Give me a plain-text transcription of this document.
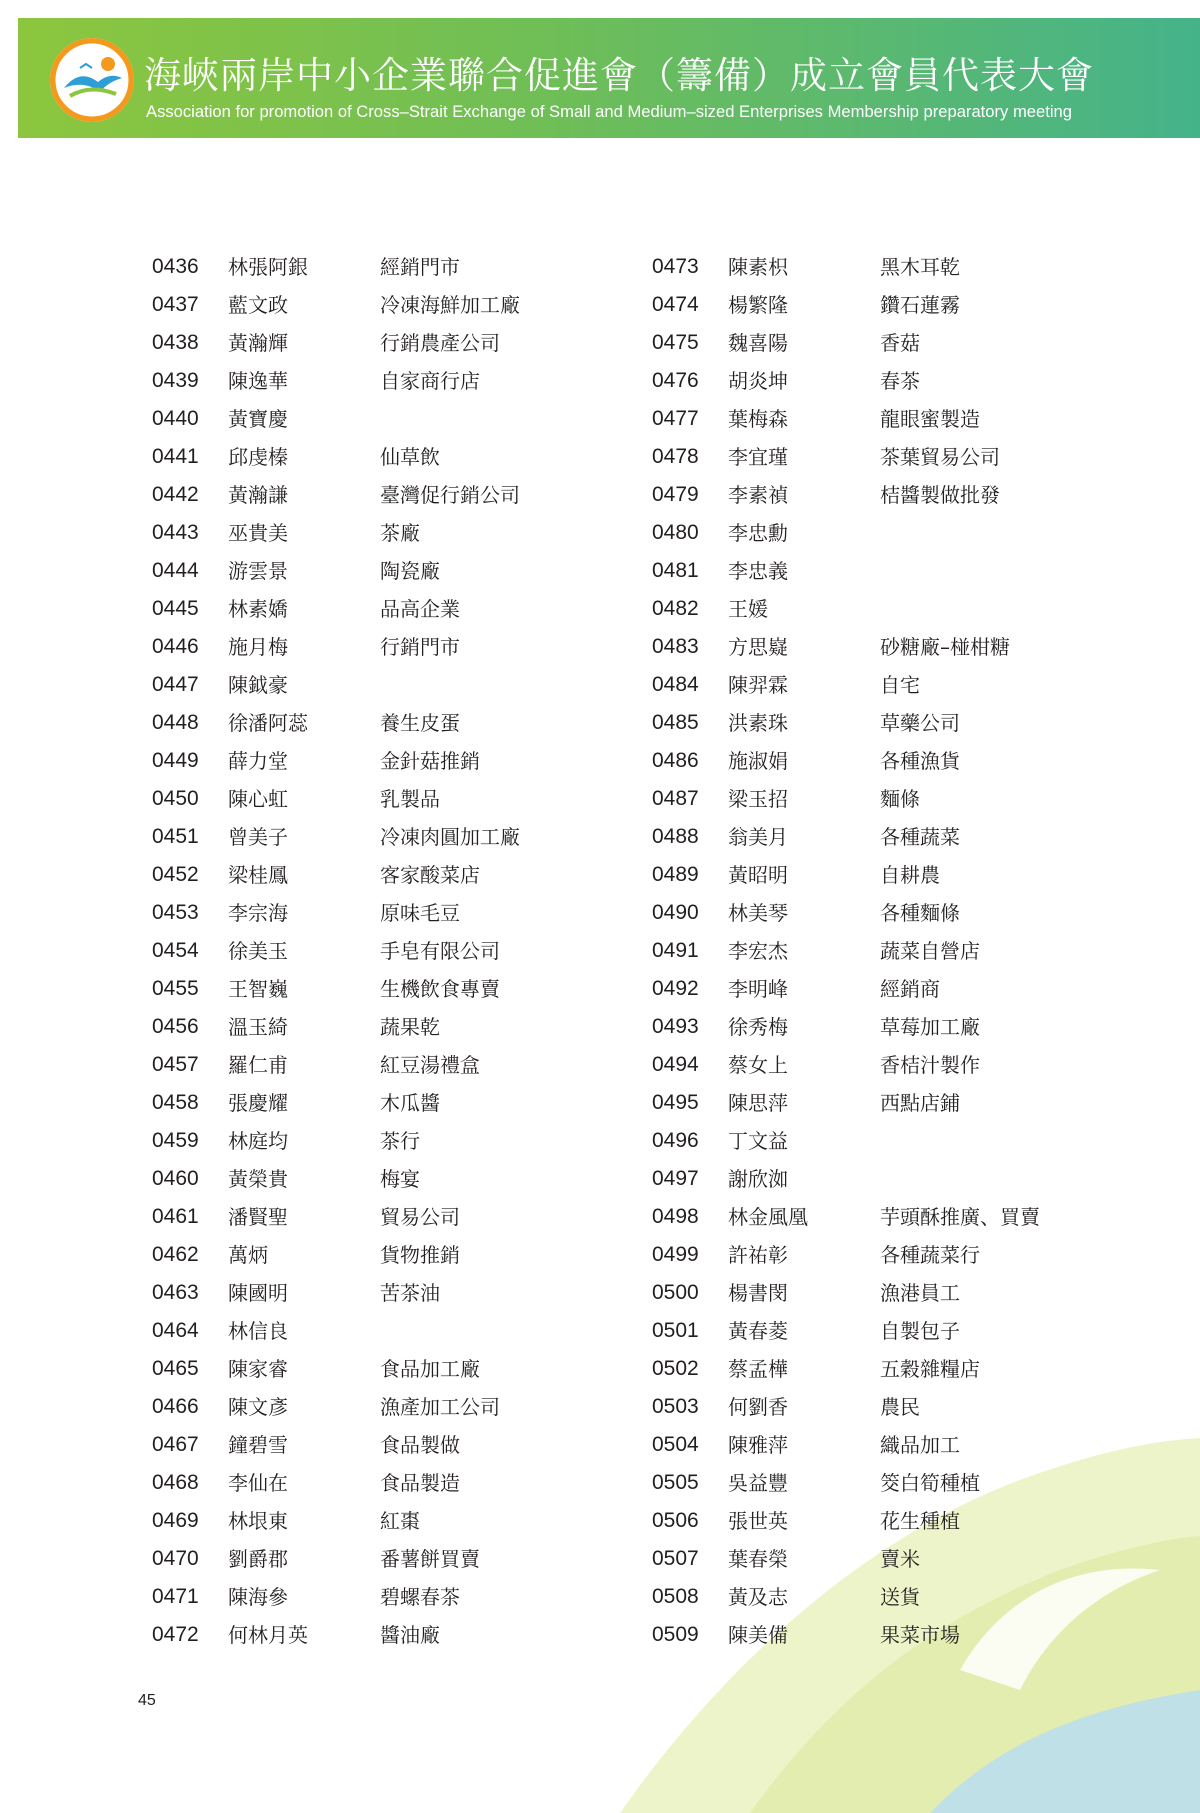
海峽兩岸中小企業聯合促進會（籌備）成立會員代表大會
Association for promotion of Cross–Strait Exchange of Small and Medium–sized Enterprises Membership preparatory meeting
0436 林張阿銀	經銷門市
0437 藍文政	冷凍海鮮加工廠
0438 黃瀚輝	行銷農產公司
0439 陳逸華	自家商行店
0440 黃寶慶
0441 邱虔榛	仙草飲
0442 黃瀚謙	臺灣促行銷公司
0443 巫貴美	茶廠
0444 游雲景	陶瓷廠
0445 林素嬌	品高企業
0446 施月梅	行銷門市
0447 陳鉞豪
0448 徐潘阿蕊	養生皮蛋
0449 薛力堂	金針菇推銷
0450 陳心虹	乳製品
0451 曾美子	冷凍肉圓加工廠
0452 梁桂鳳	客家酸菜店
0453 李宗海	原味毛豆
0454 徐美玉	手皂有限公司
0455 王智巍	生機飲食專賣
0456 溫玉綺	蔬果乾
0457 羅仁甫	紅豆湯禮盒
0458 張慶耀	木瓜醬
0459 林庭均	茶行
0460 黃榮貴	梅宴
0461 潘賢聖	貿易公司
0462 萬炳	貨物推銷
0463 陳國明	苦茶油
0464 林信良
0465 陳家睿	食品加工廠
0466 陳文彥	漁產加工公司
0467 鐘碧雪	食品製做
0468 李仙在	食品製造
0469 林垠東	紅棗
0470 劉爵郡	番薯餅買賣
0471 陳海參	碧螺春茶
0472 何林月英	醬油廠
0473 陳素枳	黑木耳乾
0474 楊繁隆	鑽石蓮霧
0475 魏喜陽	香菇
0476 胡炎坤	春茶
0477 葉梅森	龍眼蜜製造
0478 李宜瑾	茶葉貿易公司
0479 李素禎	桔醬製做批發
0480 李忠勳
0481 李忠義
0482 王媛
0483 方思嶷	砂糖廠–椪柑糖
0484 陳羿霖	自宅
0485 洪素珠	草藥公司
0486 施淑娟	各種漁貨
0487 梁玉招	麵條
0488 翁美月	各種蔬菜
0489 黃昭明	自耕農
0490 林美琴	各種麵條
0491 李宏杰	蔬菜自營店
0492 李明峰	經銷商
0493 徐秀梅	草莓加工廠
0494 蔡女上	香桔汁製作
0495 陳思萍	西點店鋪
0496 丁文益
0497 謝欣洳
0498 林金風凰	芋頭酥推廣、買賣
0499 許祐彰	各種蔬菜行
0500 楊書閔	漁港員工
0501 黃春菱	自製包子
0502 蔡孟樺	五穀雜糧店
0503 何劉香	農民
0504 陳雅萍	織品加工
0505 吳益豐	筊白筍種植
0506 張世英	花生種植
0507 葉春榮	賣米
0508 黃及志	送貨
0509 陳美備	果菜市場
45
